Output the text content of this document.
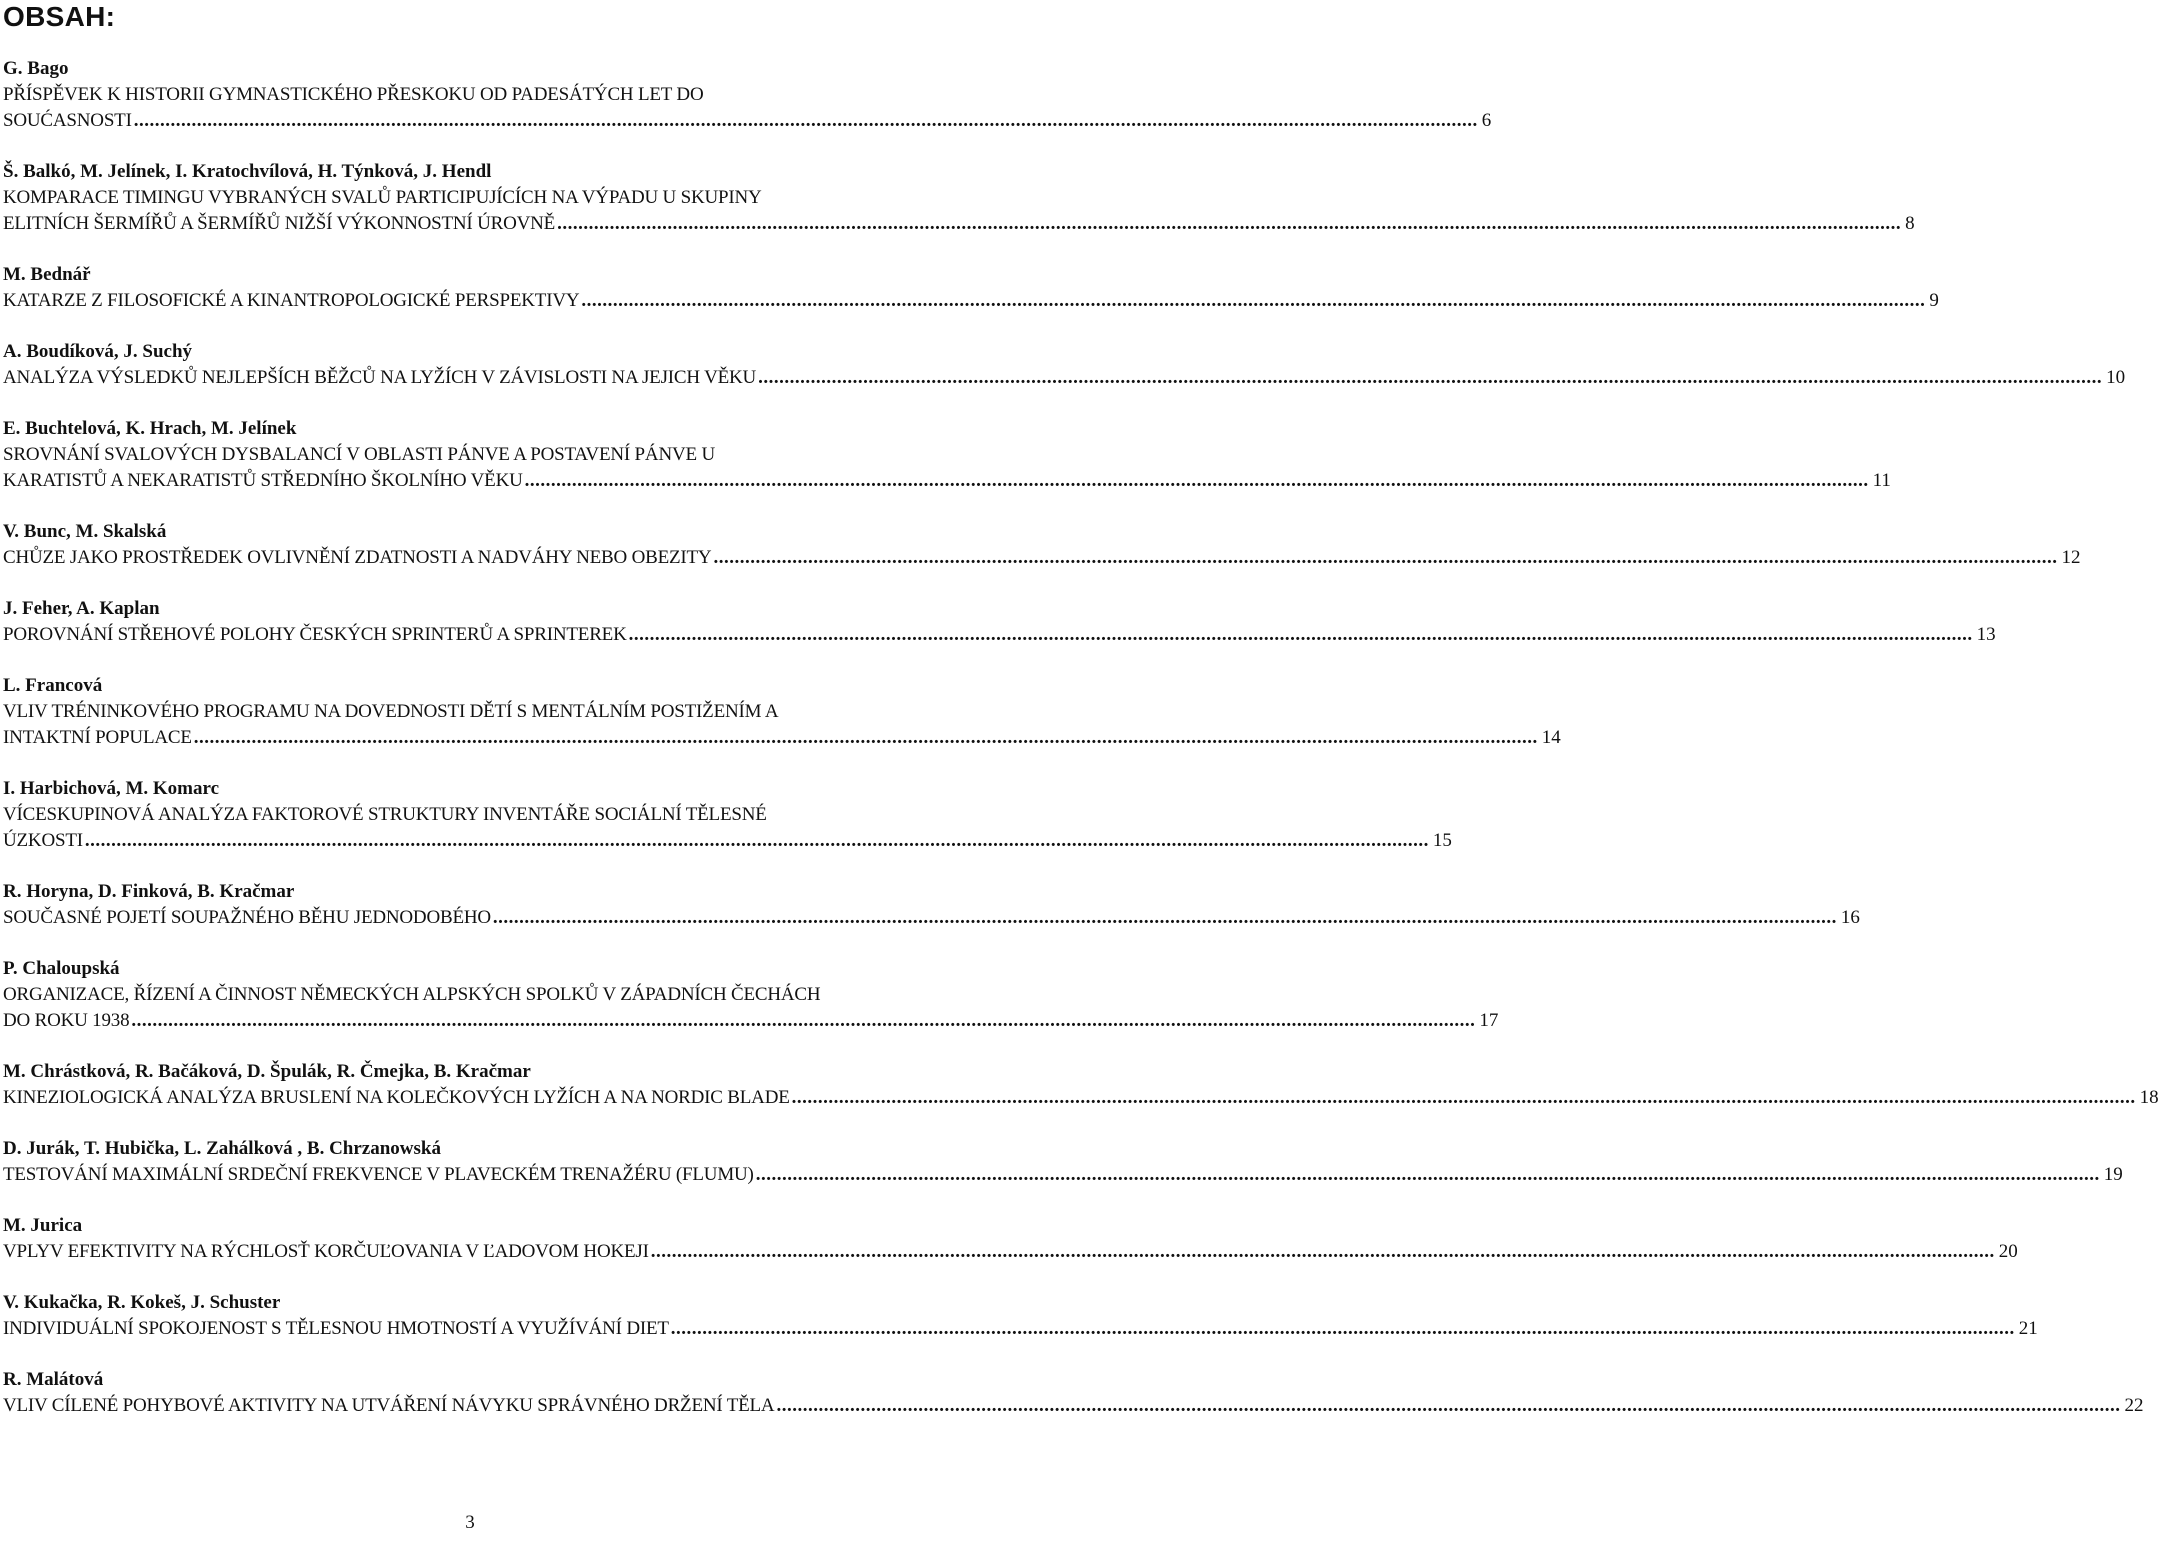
OBSAH:
G. Bago
PŘÍSPĚVEK K HISTORII GYMNASTICKÉHO PŘESKOKU OD PADESÁTÝCH LET DO
SOUĆASNOSTI .....	6
Š. Balkó, M. Jelínek, I. Kratochvílová, H. Týnková, J. Hendl
KOMPARACE TIMINGU VYBRANÝCH SVALŮ PARTICIPUJÍCÍCH NA VÝPADU U SKUPINY
ELITNÍCH ŠERMÍŘŮ A ŠERMÍŘŮ NIŽŠÍ VÝKONNOSTNÍ ÚROVNĚ .....	8
M. Bednář
KATARZE Z FILOSOFICKÉ A KINANTROPOLOGICKÉ PERSPEKTIVY .....	9
A. Boudíková, J. Suchý
ANALÝZA VÝSLEDKŮ NEJLEPŠÍCH BĚŽCŮ NA LYŽÍCH V ZÁVISLOSTI NA JEJICH VĚKU .....	10
E. Buchtelová, K. Hrach, M. Jelínek
SROVNÁNÍ SVALOVÝCH DYSBALANCÍ V OBLASTI PÁNVE A POSTAVENÍ PÁNVE U
KARATISTŮ A NEKARATISTŮ STŘEDNÍHO ŠKOLNÍHO VĚKU .....	11
V. Bunc, M. Skalská
CHŮZE JAKO PROSTŘEDEK OVLIVNĚNÍ ZDATNOSTI A NADVÁHY NEBO OBEZITY .....	12
J. Feher, A. Kaplan
POROVNÁNÍ STŘEHOVÉ POLOHY ČESKÝCH SPRINTERŮ A SPRINTEREK .....	13
L. Francová
VLIV TRÉNINKOVÉHO PROGRAMU NA DOVEDNOSTI DĚTÍ S MENTÁLNÍM POSTIŽENÍM A
INTAKTNÍ POPULACE .....	14
I. Harbichová, M. Komarc
VÍCESKUPINOVÁ ANALÝZA FAKTOROVÉ STRUKTURY INVENTÁŘE SOCIÁLNÍ TĚLESNÉ
ÚZKOSTI .....	15
R. Horyna, D. Finková, B. Kračmar
SOUČASNÉ POJETÍ SOUPAŽNÉHO BĚHU JEDNODOBÉHO .....	16
P. Chaloupská
ORGANIZACE, ŘÍZENÍ A ČINNOST NĚMECKÝCH ALPSKÝCH SPOLKŮ V ZÁPADNÍCH ČECHÁCH
DO ROKU 1938 .....	17
M. Chrástková, R. Bačáková, D. Špulák, R. Čmejka, B. Kračmar
KINEZIOLOGICKÁ ANALÝZA BRUSLENÍ NA KOLEČKOVÝCH LYŽÍCH A NA NORDIC BLADE .....	18
D. Jurák, T. Hubička, L. Zahálková , B. Chrzanowská
TESTOVÁNÍ MAXIMÁLNÍ SRDEČNÍ FREKVENCE V PLAVECKÉM TRENAŽÉRU (FLUMU) .....	19
M. Jurica
VPLYV EFEKTIVITY NA RÝCHLOSŤ KORČUĽOVANIA V ĽADOVOM HOKEJI .....	20
V. Kukačka, R. Kokeš, J. Schuster
INDIVIDUÁLNÍ SPOKOJENOST S TĚLESNOU HMOTNOSTÍ A VYUŽÍVÁNÍ DIET .....	21
R. Malátová
VLIV CÍLENÉ POHYBOVÉ AKTIVITY NA UTVÁŘENÍ NÁVYKU SPRÁVNÉHO DRŽENÍ TĚLA .....	22
3
